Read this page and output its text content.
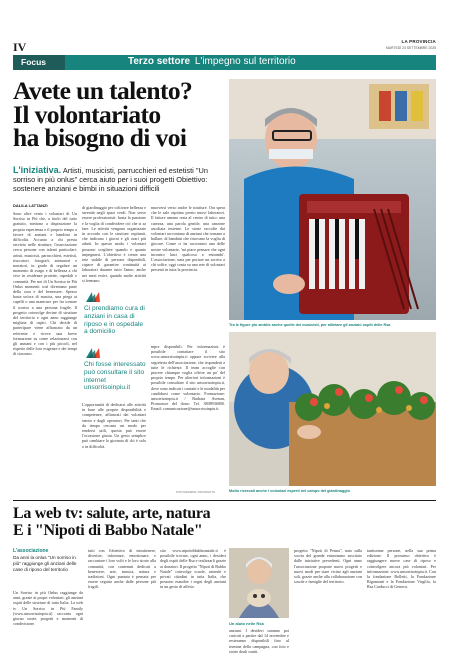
IV	LA PROVINCIA
MARTEDÌ 23 SETTEMBRE 2025
Focus	Terzo settore L'impegno sul territorio
Avete un talento?
Il volontariato
ha bisogno di voi
L'iniziativa. Artisti, musicisti, parrucchieri ed estetisti "Un sorriso in più onlus" cerca aiuto per i suoi progetti Obiettivo: sostenere anziani e bimbi in situazioni difficili
Tra le figure più ambite anche quelle dei musicisti, per allietare gli anziani ospiti delle Rsa
FOTOGRAMMA / INFOPHOTO	Molto ricercati anche i volontari esperti nel campo del giardinaggio
DALILA LATTANZI
Sono oltre cento i volontari di Un Sorriso in Più che, a titolo del tutto gratuito, mettono a disposizione la propria esperienza e il proprio tempo a favore di anziani e bambini in difficoltà. Accanto a chi presta servizio nelle strutture, l'associazione cerca persone con talenti particolari: artisti, musicisti, parrucchieri, estetisti, truccatori, fotografi, animatori e narratori, in grado di regalare un momento di svago e di bellezza a chi vive in residenze protette, ospedali e comunità. Per noi di Un Sorriso in Più Onlus momenti così diventano parte della cura e del benessere. Spesso basta un'ora di musica, una piega ai capelli o una manicure per far tornare il sorriso a una persona fragile. Il progetto coinvolge decine di strutture del territorio e ogni anno raggiunge migliaia di ospiti. Chi decide di partecipare viene affiancato da un referente e riceve una breve formazione su come relazionarsi con gli anziani e con i più piccoli, nel rispetto delle loro esigenze e dei tempi di ciascuno.
di giardinaggio per coltivare bellezza e serenità negli spazi verdi. Non serve essere professionisti: basta la passione e la voglia di condividere ciò che si sa fare. Le attività vengono organizzate in accordo con le strutture ospitanti, che indicano i giorni e gli orari più adatti. In questo modo i volontari possono scegliere quando e quanto impegnarsi. L'obiettivo è creare una rete stabile di persone disponibili, capace di garantire continuità ai laboratori durante tutto l'anno, anche nei mesi estivi, quando molte attività si fermano.
Ci prendiamo cura di anziani in casa di riposo e in ospedale a domicilio
Chi fosse interessato può consultare il sito internet unsorrisoinpiu.it
L'opportunità di dedicarsi alle attività in base alle proprie disponibilità e competenze, affiancati dai volontari senior e dagli operatori. Per tanti che da tempo cercano un modo per rendersi utili, questa può essere l'occasione giusta. Un gesto semplice può cambiare la giornata di chi è solo o in difficoltà.
muoversi verso anche le strutture. Ora spera che le sale ospitino presto nuovi laboratori. Il fattore umano resta al centro di tutto: una carezza, una parola gentile, una canzone ascoltata insieme. Le storie raccolte dai volontari raccontano di anziani che tornano a ballare, di bambini che ritrovano la voglia di giocare. Come ci ha raccontato una delle nostre volontarie, 'mi piace pensare che ogni incontro lasci qualcosa a entrambi'. L'associazione, nata per portare un sorriso a chi soffre, oggi conta su una rete di volontari presenti in tutta la provincia.
mpre disponibili. Per informazioni è possibile contattare il sito www.unsorrisoinpiu.it oppure scrivere alla segreteria dell'associazione, che risponderà a tutte le richieste. Il team accoglie con piacere chiunque voglia offrire un po' del proprio tempo. Per ulteriori informazioni è possibile consultare il sito unsorrisoinpiu.it, dove sono indicati i contatti e le modalità per candidarsi come volontario. Formazione: unsorrisoinpiu.it / Barbara Avenan, Promotore del dono: Tel. 3808936800. Email: comunicazione@unsorrisoinpiu.it.
La web tv: salute, arte, natura
E i "Nipoti di Babbo Natale"
L'associazione
Da anni la onlus "Un sorriso in più" raggiunge gli anziani delle case di riposo del territorio
Un Sorriso in più Onlus raggiunge da anni, grazie ai propri volontari, gli anziani ospiti delle strutture di tutta Italia. La web tv Un Sorriso in Più Family (www.unsorrisoinpiu.it) racconta ogni giorno storie, progetti e momenti di condivisione.
tutti con l'obiettivo di intrattenere, divertire, informare, emozionare, e raccontare i loro volti e le loro storie alla comunità, con contenuti dedicati a benessere, arte, musica, natura e tradizioni. Ogni puntata è pensata per essere seguita anche dalle persone più fragili.
sito www.nipotidibabbonatale.it è possibile trovare, ogni anno, i desideri degli ospiti delle Rsa e realizzarli grazie ai donatori. Il progetto "Nipoti di Babbo Natale" coinvolge scuole, aziende e privati cittadini in tutta Italia, che possono esaudire i sogni degli anziani in un gesto di affetto.
Un aiuto nelle Rsa
anziani. I desideri saranno poi caricati a partire dal 14 novembre e resteranno disponibili fino al termine della campagna, con foto e storie degli ospiti.
progetto "Nipoti di Penna", nato sulla scorta del grande entusiasmo suscitato dalle iniziative precedenti. Ogni anno l'associazione propone nuovi progetti e nuovi modi per stare vicino agli anziani soli, grazie anche alla collaborazione con scuole e famiglie del territorio.
tantissime persone, nella sua prima edizione. Il prossimo obiettivo è raggiungere nuove case di riposo e coinvolgere ancora più volontari. Per informazioni: www.unsorrisoinpiu.it. Con la fondazione Bolletti, la Fondazione Rigamonti e la Fondazione Virgilio, la Rsa Carducci di Genova.
